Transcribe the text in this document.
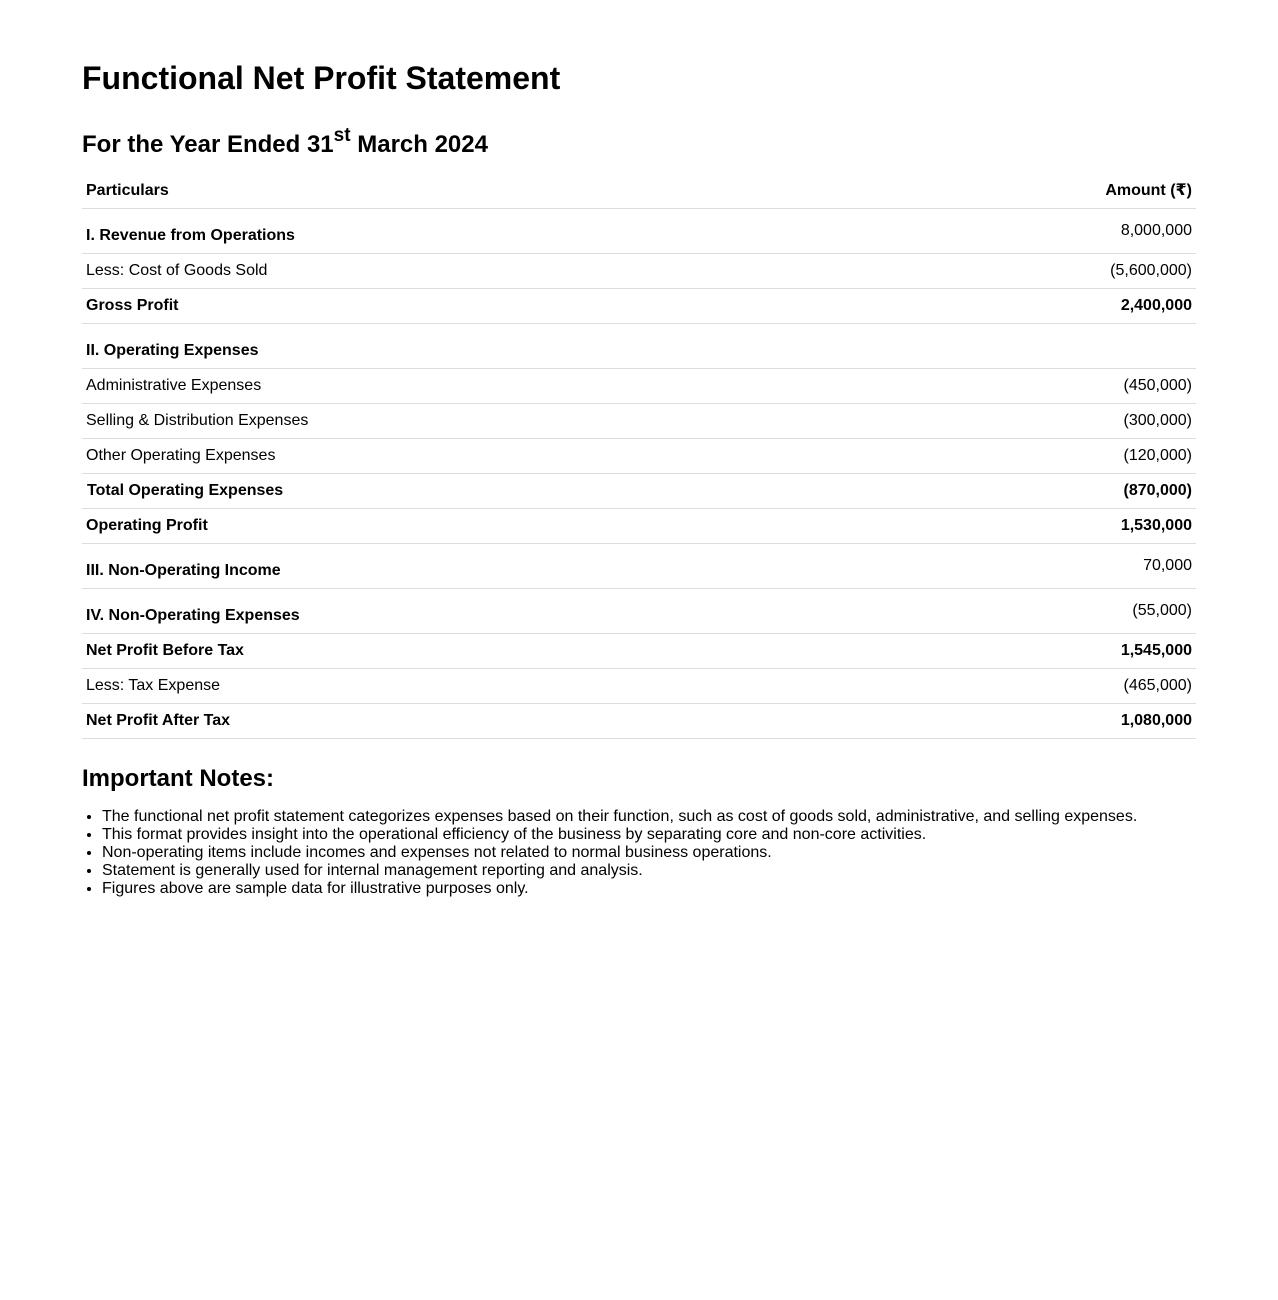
Functional Net Profit Statement
For the Year Ended 31st March 2024
Particulars	Amount (₹)
I. Revenue from Operations	8,000,000
Less: Cost of Goods Sold	(5,600,000)
Gross Profit	2,400,000
II. Operating Expenses	
Administrative Expenses	(450,000)
Selling & Distribution Expenses	(300,000)
Other Operating Expenses	(120,000)
Total Operating Expenses	(870,000)
Operating Profit	1,530,000
III. Non-Operating Income	70,000
IV. Non-Operating Expenses	(55,000)
Net Profit Before Tax	1,545,000
Less: Tax Expense	(465,000)
Net Profit After Tax	1,080,000
Important Notes:
• The functional net profit statement categorizes expenses based on their function, such as cost of goods sold, administrative, and selling expenses.
• This format provides insight into the operational efficiency of the business by separating core and non-core activities.
• Non-operating items include incomes and expenses not related to normal business operations.
• Statement is generally used for internal management reporting and analysis.
• Figures above are sample data for illustrative purposes only.
